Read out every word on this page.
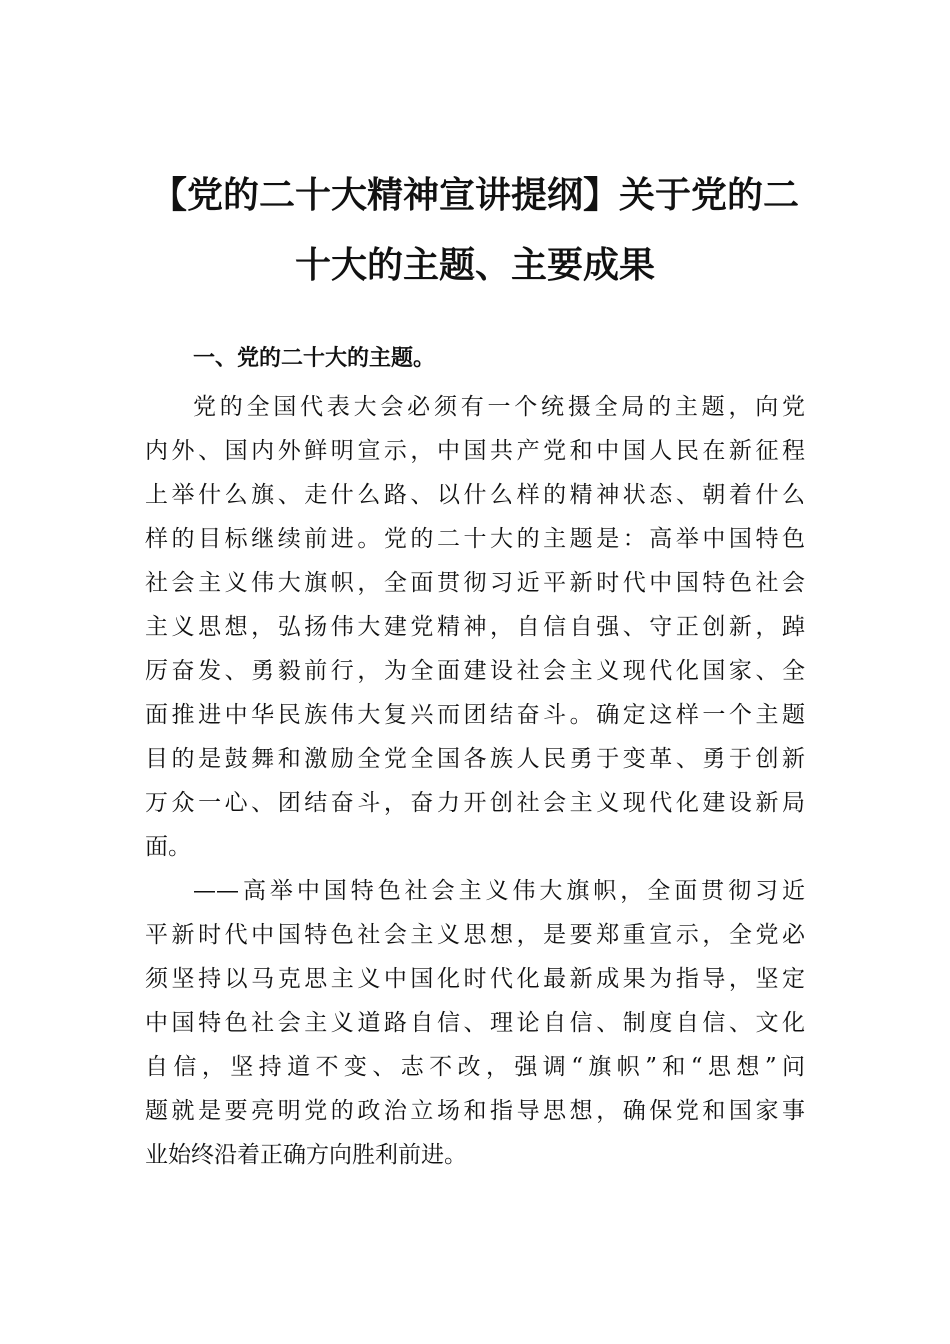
【党的二十大精神宣讲提纲】关于党的二
十大的主题、主要成果
一、党的二十大的主题。
党的全国代表大会必须有一个统摄全局的主题，向党
内外、国内外鲜明宣示，中国共产党和中国人民在新征程
上举什么旗、走什么路、以什么样的精神状态、朝着什么
样的目标继续前进。党的二十大的主题是：高举中国特色
社会主义伟大旗帜，全面贯彻习近平新时代中国特色社会
主义思想，弘扬伟大建党精神，自信自强、守正创新，踔
厉奋发、勇毅前行，为全面建设社会主义现代化国家、全
面推进中华民族伟大复兴而团结奋斗。确定这样一个主题
目的是鼓舞和激励全党全国各族人民勇于变革、勇于创新
万众一心、团结奋斗，奋力开创社会主义现代化建设新局
面。
——高举中国特色社会主义伟大旗帜，全面贯彻习近
平新时代中国特色社会主义思想，是要郑重宣示，全党必
须坚持以马克思主义中国化时代化最新成果为指导，坚定
中国特色社会主义道路自信、理论自信、制度自信、文化
自信，坚持道不变、志不改，强调“旗帜”和“思想”问
题就是要亮明党的政治立场和指导思想，确保党和国家事
业始终沿着正确方向胜利前进。
